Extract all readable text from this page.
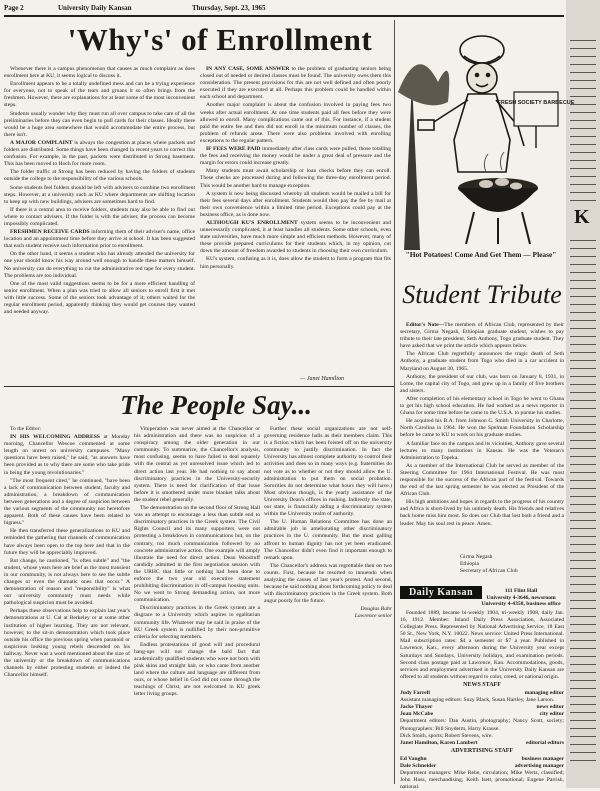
Page 2	University Daily Kansan	Thursday, Sept. 23, 1965
K
'Why's' of Enrollment

Whenever there is a campus phenomenon that causes as much complaint as does enrollment here at KU, it seems logical to discuss it.

Enrollment appears to be a totally undefined mess and can be a trying experience for everyone, not to speak of the tears and groans it so often brings from the freshmen. However, there are explanations for at least some of the most inconvenient steps.

Students usually wonder why they must run all over campus to take care of all the preliminaries before they can even begin to pull cards for their classes. Ideally there would be a huge area somewhere that would accommodate the entire process, but there isn't.

A MAJOR COMPLAINT is always the congestion at places where packets and folders are distributed. Some things have been changed in recent years to correct this confusion. For example, in the past, packets were distributed in Strong basement. This has been moved to Hoch for more room.

The folder traffic at Strong has been reduced by having the folders of students outside the college to the responsibility of the various schools.

Some students feel folders should be left with advisers to combine two enrollment steps. However, at a university such as KU where departments are shifting location to keep up with new buildings, advisers are sometimes hard to find.

If there is a central area to receive folders, students may also be able to find out where to contact advisers. If the folder is with the adviser, the process can become impossibly complicated.

FRESHMEN RECEIVE CARDS informing them of their adviser's name, office location and an appointment time before they arrive at school. It has been suggested that each student receive such information prior to enrollment.

On the other hand, it seems a student who has already attended the university for one year should know his way around well enough to handle these matters himself. No university can do everything to cut the administrative red tape for every student. The problems are too individual.

One of the most valid suggestions seems to be for a more efficient handling of senior enrollment. When a plan was tried to allow all seniors to enroll first it met with little success. Some of the seniors took advantage of it; others waited for the regular enrollment period, apparently thinking they would get courses they wanted and needed anyway.

IN ANY CASE, SOME ANSWER to the problem of graduating seniors being closed out of needed or desired classes must be found. The university owes them this consideration. The present provisions for this are not well defined and often poorly executed if they are executed at all. Perhaps this problem could be handled within each school and department.

Another major complaint is about the confusion involved in paying fees two weeks after actual enrollment. At one time students paid all fees before they were allowed to enroll. Many complications came out of this. For instance, if a student paid the entire fee and then did not enroll in the minimum number of classes, the problem of refunds arose. There were also problems involved with enrolling exceptions to the regular pattern.

IF FEES WERE PAID immediately after class cards were pulled, those totalling the fees and receiving the money would be under a great deal of pressure and the margin for errors could increase greatly.

Many students must await scholarship or loan checks before they can enroll. These checks are processed during and following the three-day enrollment period. This would be another hard to manage exception.

A system is now being discussed whereby all students would be mailed a bill for their fees several days after enrollment. Students would then pay the fee by mail at their own convenience within a limited time period. Exceptions could pay at the business office, as is done now.

ALTHOUGH KU'S ENROLLMENT system seems to be inconvenient and unnecessarily complicated, it at least handles all students. Some other schools, even state universities, have much more simple and efficient methods. However, many of these provide prepared curriculums for their students which, in my opinion, cut down the amount of freedom awarded to students in choosing their own curriculum.

KU's system, confusing as it is, does allow the student to form a program that fits him personally.

— Janet Hamilton
FRESH SOCIETY BARBECUE
"Hot Potatoes! Come And Get Them — Please"
The People Say...

To the Editor:

IN HIS WELCOMING ADDRESS at Monday morning, Chancellor Wescoe commented at some length on unrest on university campuses. "Many questions have been raised," he said, "as answers have been provided as to why there are some who take pride in being the young revolutionaries."

"The most frequent cited," he continued, "have been a lack of communication between student, faculty and administration, a breakdown of communication between generations and a degree of suspicion between the various segments of the community not heretofore apparent. Both of these causes have been related to bigness."

He then transferred these generalizations to KU and reminded the gathering that channels of communication have always been open to the top here and that in the future they will be appreciably improved.

But change, he cautioned, "is often subtle" and "the student, whose years here are brief as the most transient in our community, is not always here to see the subtle changes or even the dramatic ones that occur." A demonstration of reason and "responsibility" is what our university community must needs while pathological suspicion must be avoided.

Perhaps these observations help to explain last year's demonstrations at U. Cal at Berkeley or at some other institution of higher learning. They are not relevant, however, to the sit-in demonstration which took place outside his office the previous spring when paranoid or suspicious looking young rebels descended on his hallway. Never was a word mentioned about the size of the university or the breakdown of communications channels by either protesting students or indeed the Chancellor himself.

Vituperation was never aimed at the Chancellor or his administration and there was no suspicion of a conspiracy among the older generation in our community. To summarize, the Chancellor's analysis, most confusing, seems to have failed to deal squarely with the central as yet unresolved issue which led to direct action last year. He had nothing to say about discriminatory practices in the University-security system. There is need for clarification of that issue before it is smothered under more blanket talks about the student rebel generally.

The demonstration on the second floor of Strong Hall was an attempt to encourage a less than subtle end to discriminatory practices in the Greek system. The Civil Rights Council and its many supporters were not protesting a breakdown in communications but, on the contrary, too much communication followed by no concrete administrative action. One example will amply illustrate the need for direct action. Dean Woodruff candidly admitted in the first negotiation session with the URHC that little or nothing had been done to enforce the two year old executive statement prohibiting discrimination in off-campus housing units. No we went to Strong demanding action, not more communication.

Discriminatory practices in the Greek system are a disgrace to a University which aspires to egalitarian community life. Whatever may be said in praise of the KU Greek system is nullified by their non-primitive criteria for selecting members.

Endless protestations of good will and procedural hang-ups will not change the bald fact that academically qualified students who were not born with pink skins and straight hair, or who came from another land where the culture and language are different from ours, or whose belief in God did not come through the teachings of Christ, are not welcomed in KU greek letter living groups.

Further these social organizations are not self-governing residence halls as their members claim. This is a fiction which has been foisted off on the university community to justify discrimination. In fact the University has almost complete authority to control their activities and does so in many ways (e.g. fraternities do not vote as to whether or not they should allow the U. administration to put them on social probation. Sororities do not determine what hours they will have.) Most obvious though, is the yearly assistance of the University Dean's offices in rushing. Indirectly the state, our state, is financially aiding a discriminatory system within the University realm of authority.

The U. Human Relations Committee has done an admirable job in ameliorating other discriminatory practices in the U. community. But the most galling affront to human dignity has not yet been eradicated. The Chancellor didn't even find it important enough to remark upon.

The Chancellor's address was regrettable then on two counts. First, because he resorted to innuendo when analyzing the causes of last year's protest. And second, because he said nothing about forthcoming policy to deal with discriminatory practices in the Greek system. Both augur poorly for the future.

Douglas Bahr
Lawrence senior
Student Tribute

Editor's Note—The members of African Club, represented by their secretary, Girma Negash, Ethiopian graduate student, wishes to pay tribute to their late president, Seth Anthony, Togo graduate student. They have asked that we print the article which appears below.

The African Club regretfully announces the tragic death of Seth Anthony, a graduate student from Togo who died in a car accident in Maryland on August 30, 1965.

Anthony, the president of our club, was born on January 8, 1931, in Lome, the capital city of Togo, and grew up in a family of five brothers and sisters.

After completion of his elementary school in Togo he went to Ghana to get his high school education. He had worked as a news reporter in Ghana for some time before he came to the U.S.A. to pursue his studies.

He acquired his B.A. from Johnson C. Smith University in Charlotte, North Carolina in 1964. He won the Spelman Foundation Scholarship before he came to KU to work on his graduate studies.

A familiar face on the campus and its vicinities, Anthony gave several lectures to many institutions in Kansas. He was the Veteran's Administration to Topeka.

As a member of the International Club he served as member of the Steering Committee for 1964 International Festival. He was most responsible for the success of the African part of the festival. Towards the end of the last spring semester he was elected as President of the African Club.

His high ambitions and hopes in regards to the progress of his country and Africa is short-lived by his untimely death. His friends and relatives back home miss him most. So does our Club that lost both a friend and a leader. May his soul rest in peace. Amen.

Girma Negash
Ethiopia
Secretary of African Club
Daily Kansan	111 Flint Hall
University 4-3646, newsroom
University 4-4358, business office

Founded 1889, became bi-weekly 1904, tri-weekly 1908, daily Jan. 16, 1912. Member: Inland Daily Press Association, Associated Collegiate Press. Represented by National Advertising Service, 18 East 50 St., New York, N.Y. 10022. News service: United Press International. Mail subscription rates: $4 a semester or $7 a year. Published in Lawrence, Kan., every afternoon during the University year except Saturdays and Sundays, University holidays, and examination periods. Second class postage paid at Lawrence, Kan. Accommodations, goods, services and employment advertised in the University Daily Kansan are offered to all students without regard to color, creed, or national origin.

NEWS STAFF
Judy Farrell	managing editor
Assistant managing editors: Suzy Black, Susan Hartley, Jane Larson.
Jacke Thayer	news editor
Joan McCabe	city editor
Department editors: Dan Austin, photography; Nancy Scott, society; Photographers: Bill Snyderm, Harry Krause.
Dick Smith, sports; Robert Stevens, wire.
Janet Hamilton, Karen Lambert	editorial editors
ADVERTISING STAFF
Ed Vaughn	business manager
Dale Schneider	advertising manager
Department managers: Mike Rebe, circulation; Mike Wertz, classified; John Huss, merchandising; Keith Isett, promotional; Eugene Parrish, national.
